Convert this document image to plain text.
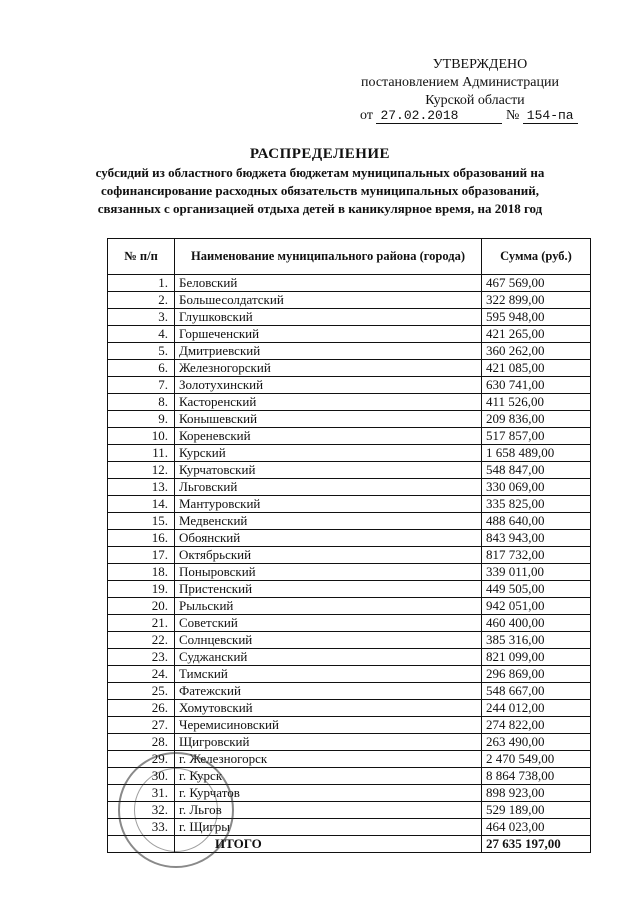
УТВЕРЖДЕНО
постановлением Администрации
Курской области
от 27.02.2018	№ 154-па
РАСПРЕДЕЛЕНИЕ
субсидий из областного бюджета бюджетам муниципальных образований на софинансирование расходных обязательств муниципальных образований, связанных с организацией отдыха детей в каникулярное время, на 2018 год
№ п/п	Наименование муниципального района (города)	Сумма (руб.)
1.	Беловский	467 569,00
2.	Большесолдатский	322 899,00
3.	Глушковский	595 948,00
4.	Горшеченский	421 265,00
5.	Дмитриевский	360 262,00
6.	Железногорский	421 085,00
7.	Золотухинский	630 741,00
8.	Касторенский	411 526,00
9.	Конышевский	209 836,00
10.	Кореневский	517 857,00
11.	Курский	1 658 489,00
12.	Курчатовский	548 847,00
13.	Льговский	330 069,00
14.	Мантуровский	335 825,00
15.	Медвенский	488 640,00
16.	Обоянский	843 943,00
17.	Октябрьский	817 732,00
18.	Поныровский	339 011,00
19.	Пристенский	449 505,00
20.	Рыльский	942 051,00
21.	Советский	460 400,00
22.	Солнцевский	385 316,00
23.	Суджанский	821 099,00
24.	Тимский	296 869,00
25.	Фатежский	548 667,00
26.	Хомутовский	244 012,00
27.	Черемисиновский	274 822,00
28.	Щигровский	263 490,00
29.	г. Железногорск	2 470 549,00
30.	г. Курск	8 864 738,00
31.	г. Курчатов	898 923,00
32.	г. Льгов	529 189,00
33.	г. Щигры	464 023,00
	ИТОГО	27 635 197,00
